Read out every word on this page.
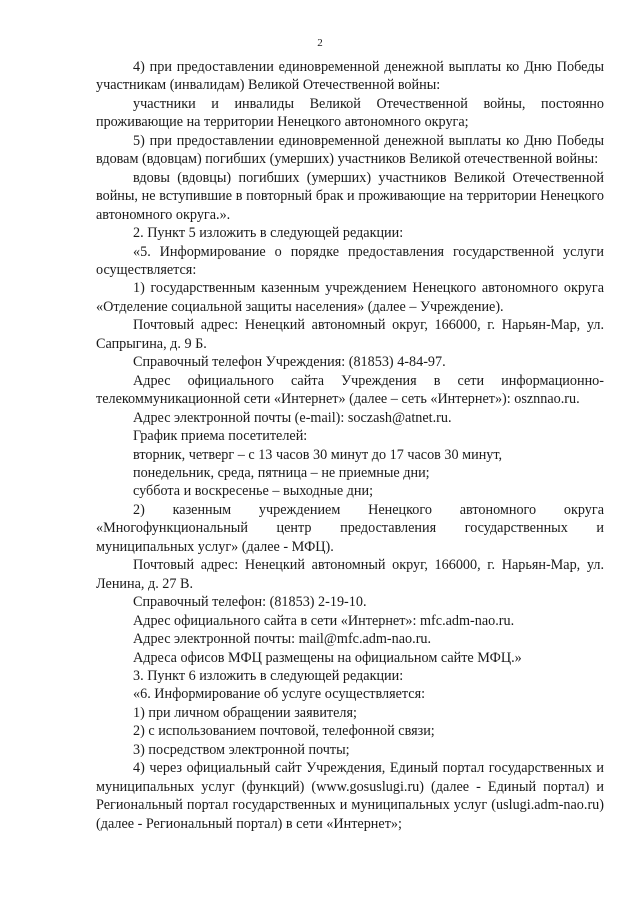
2

4) при предоставлении единовременной денежной выплаты ко Дню Победы участникам (инвалидам) Великой Отечественной войны:

участники и инвалиды Великой Отечественной войны, постоянно проживающие на территории Ненецкого автономного округа;

5) при предоставлении единовременной денежной выплаты ко Дню Победы вдовам (вдовцам) погибших (умерших) участников Великой отечественной войны:

вдовы (вдовцы) погибших (умерших) участников Великой Отечественной войны, не вступившие в повторный брак и проживающие на территории Ненецкого автономного округа.».

2. Пункт 5 изложить в следующей редакции:

«5. Информирование о порядке предоставления государственной услуги осуществляется:

1) государственным казенным учреждением Ненецкого автономного округа «Отделение социальной защиты населения» (далее – Учреждение).

Почтовый адрес: Ненецкий автономный округ, 166000, г. Нарьян-Мар, ул. Сапрыгина, д. 9 Б.

Справочный телефон Учреждения: (81853) 4-84-97.

Адрес официального сайта Учреждения в сети информационно-телекоммуникационной сети «Интернет» (далее – сеть «Интернет»): osznnao.ru.

Адрес электронной почты (e-mail): soczash@atnet.ru.

График приема посетителей:

вторник, четверг – с 13 часов 30 минут до 17 часов 30 минут,

понедельник, среда, пятница – не приемные дни;

суббота и воскресенье – выходные дни;

2) казенным учреждением Ненецкого автономного округа «Многофункциональный центр предоставления государственных и муниципальных услуг» (далее - МФЦ).

Почтовый адрес: Ненецкий автономный округ, 166000, г. Нарьян-Мар, ул. Ленина, д. 27 В.

Справочный телефон: (81853) 2-19-10.

Адрес официального сайта в сети «Интернет»: mfc.adm-nao.ru.

Адрес электронной почты: mail@mfc.adm-nao.ru.

Адреса офисов МФЦ размещены на официальном сайте МФЦ.»

3. Пункт 6 изложить в следующей редакции:

«6. Информирование об услуге осуществляется:

1) при личном обращении заявителя;

2) с использованием почтовой, телефонной связи;

3) посредством электронной почты;

4) через официальный сайт Учреждения, Единый портал государственных и муниципальных услуг (функций) (www.gosuslugi.ru) (далее - Единый портал) и Региональный портал государственных и муниципальных услуг (uslugi.adm-nao.ru) (далее - Региональный портал) в сети «Интернет»;
